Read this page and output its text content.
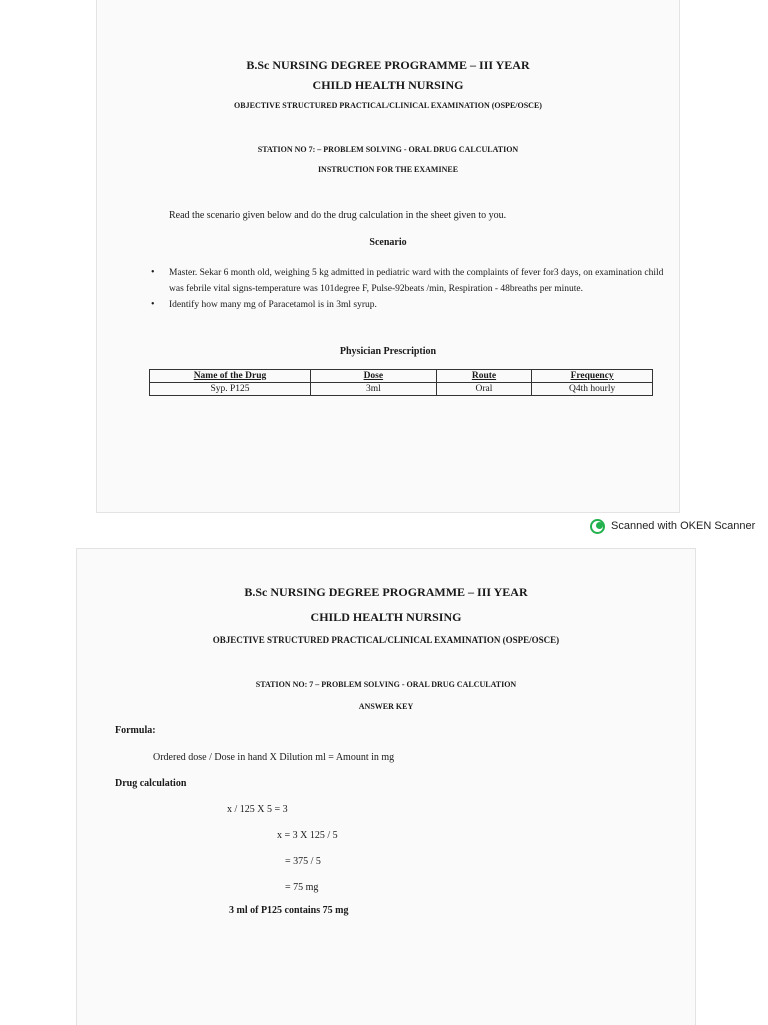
B.Sc NURSING DEGREE PROGRAMME – III YEAR
CHILD HEALTH NURSING
OBJECTIVE STRUCTURED PRACTICAL/CLINICAL EXAMINATION (OSPE/OSCE)
STATION NO 7: – PROBLEM SOLVING - ORAL DRUG CALCULATION
INSTRUCTION FOR THE EXAMINEE
Read the scenario given below and do the drug calculation in the sheet given to you.
Scenario
• Master. Sekar 6 month old, weighing 5 kg admitted in pediatric ward with the complaints of fever for3 days, on examination child was febrile vital signs-temperature was 101degree F, Pulse-92beats /min, Respiration - 48breaths per minute.
• Identify how many mg of Paracetamol is in 3ml syrup.
Physician Prescription
Name of the Drug	Dose	Route	Frequency
Syp. P125	3ml	Oral	Q4th hourly
Scanned with OKEN Scanner
B.Sc NURSING DEGREE PROGRAMME – III YEAR
CHILD HEALTH NURSING
OBJECTIVE STRUCTURED PRACTICAL/CLINICAL EXAMINATION (OSPE/OSCE)
STATION NO: 7 – PROBLEM SOLVING - ORAL DRUG CALCULATION
ANSWER KEY
Formula:
Ordered dose / Dose in hand X Dilution ml = Amount in mg
Drug calculation
x / 125 X 5 = 3
x = 3 X 125 / 5
= 375 / 5
= 75 mg
3 ml of P125 contains 75 mg
